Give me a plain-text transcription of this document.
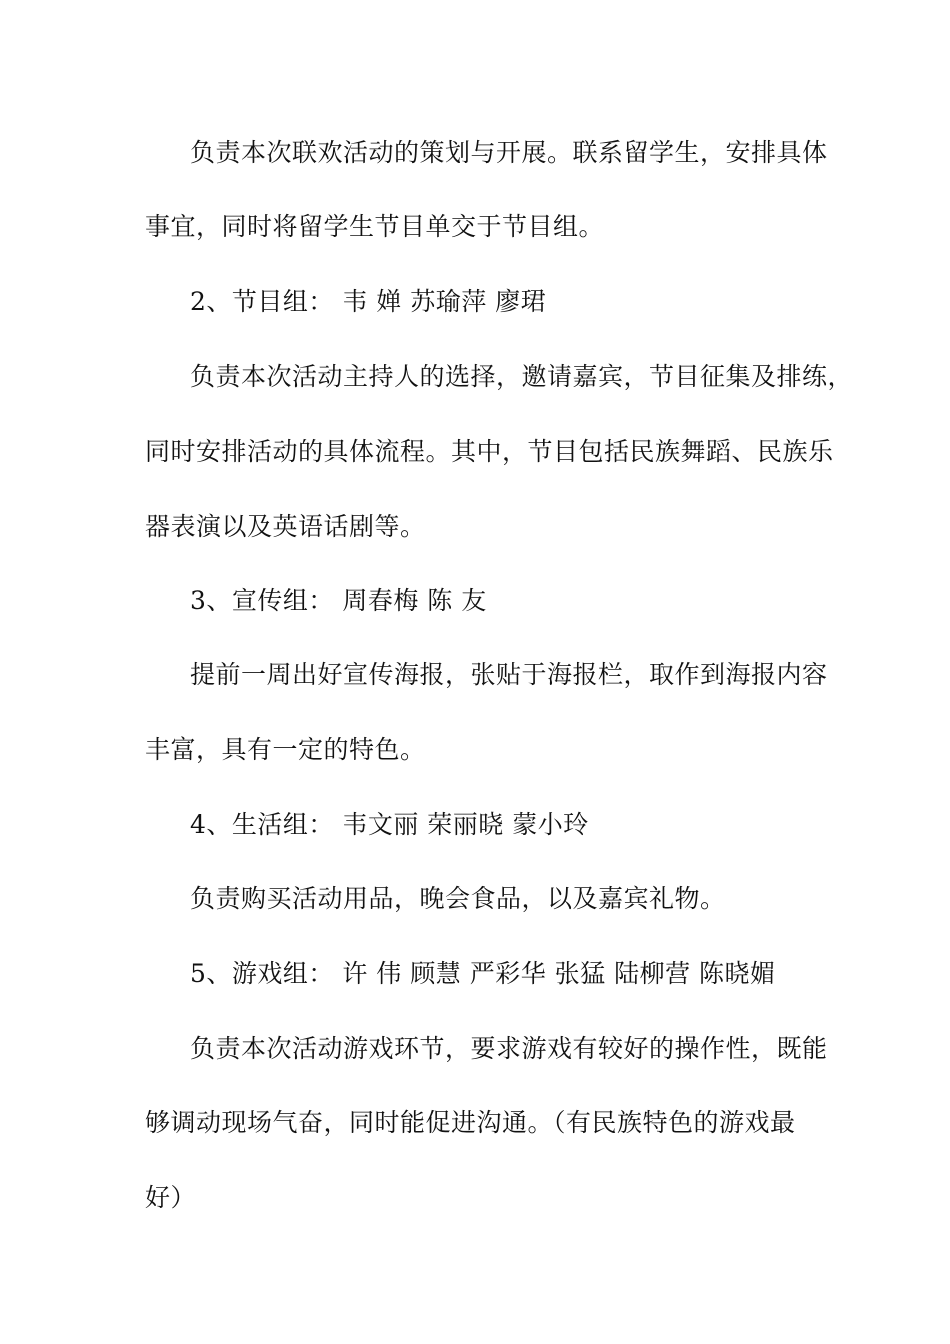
负责本次联欢活动的策划与开展。联系留学生，安排具体
事宜，同时将留学生节目单交于节目组。
2、节目组： 韦 婵 苏瑜萍 廖珺
负责本次活动主持人的选择，邀请嘉宾，节目征集及排练，
同时安排活动的具体流程。其中，节目包括民族舞蹈、民族乐
器表演以及英语话剧等。
3、宣传组： 周春梅 陈 友
提前一周出好宣传海报，张贴于海报栏，取作到海报内容
丰富，具有一定的特色。
4、生活组： 韦文丽 荣丽晓 蒙小玲
负责购买活动用品，晚会食品，以及嘉宾礼物。
5、游戏组： 许 伟 顾慧 严彩华 张猛 陆柳营 陈晓媚
负责本次活动游戏环节，要求游戏有较好的操作性，既能
够调动现场气奋，同时能促进沟通。（有民族特色的游戏最
好）
